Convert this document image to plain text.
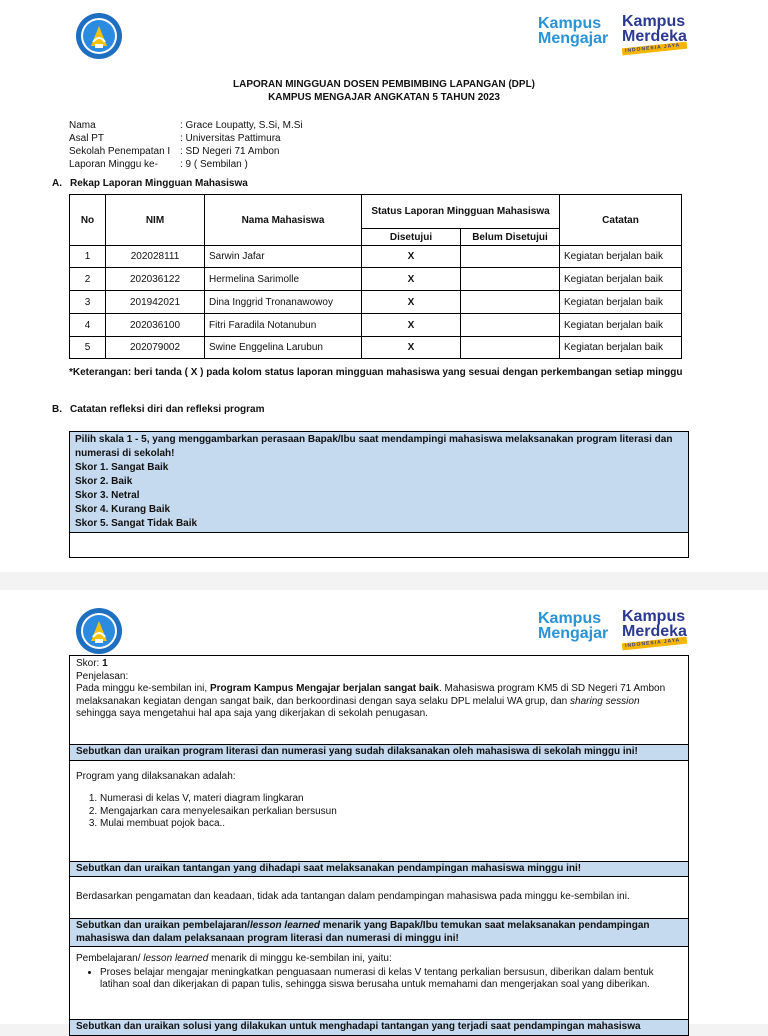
Kampus
Mengajar
Kampus
Merdeka
INDONESIA JAYA
LAPORAN MINGGUAN DOSEN PEMBIMBING LAPANGAN (DPL)
KAMPUS MENGAJAR ANGKATAN 5 TAHUN 2023
Nama	: Grace Loupatty, S.Si, M.Si
Asal PT	: Universitas Pattimura
Sekolah Penempatan I : SD Negeri 71 Ambon
Laporan Minggu ke-	: 9 ( Sembilan )
A. Rekap Laporan Mingguan Mahasiswa
No	NIM	Nama Mahasiswa	Status Laporan Mingguan Mahasiswa		Catatan
			Disetujui	Belum Disetujui	
1	202028111	Sarwin Jafar	X		Kegiatan berjalan baik
2	202036122	Hermelina Sarimolle	X		Kegiatan berjalan baik
3	201942021	Dina Inggrid Tronanawowoy	X		Kegiatan berjalan baik
4	202036100	Fitri Faradila Notanubun	X		Kegiatan berjalan baik
5	202079002	Swine Enggelina Larubun	X		Kegiatan berjalan baik
*Keterangan: beri tanda ( X ) pada kolom status laporan mingguan mahasiswa yang sesuai dengan perkembangan setiap minggu
B. Catatan refleksi diri dan refleksi program
Pilih skala 1 - 5, yang menggambarkan perasaan Bapak/Ibu saat mendampingi mahasiswa melaksanakan program literasi dan numerasi di sekolah!
Skor 1. Sangat Baik
Skor 2. Baik
Skor 3. Netral
Skor 4. Kurang Baik
Skor 5. Sangat Tidak Baik
Kampus
Mengajar
Kampus
Merdeka
INDONESIA JAYA
Skor: 1
Penjelasan:
Pada minggu ke-sembilan ini, Program Kampus Mengajar berjalan sangat baik. Mahasiswa program KM5 di SD Negeri 71 Ambon melaksanakan kegiatan dengan sangat baik, dan berkoordinasi dengan saya selaku DPL melalui WA grup, dan sharing session sehingga saya mengetahui hal apa saja yang dikerjakan di sekolah penugasan.
Sebutkan dan uraikan program literasi dan numerasi yang sudah dilaksanakan oleh mahasiswa di sekolah minggu ini!
Program yang dilaksanakan adalah:
1. Numerasi di kelas V, materi diagram lingkaran
2. Mengajarkan cara menyelesaikan perkalian bersusun
3. Mulai membuat pojok baca..
Sebutkan dan uraikan tantangan yang dihadapi saat melaksanakan pendampingan mahasiswa minggu ini!
Berdasarkan pengamatan dan keadaan, tidak ada tantangan dalam pendampingan mahasiswa pada minggu ke-sembilan ini.
Sebutkan dan uraikan pembelajaran/lesson learned menarik yang Bapak/Ibu temukan saat melaksanakan pendampingan mahasiswa dan dalam pelaksanaan program literasi dan numerasi di minggu ini!
Pembelajaran/ lesson learned menarik di minggu ke-sembilan ini, yaitu:
• Proses belajar mengajar meningkatkan penguasaan numerasi di kelas V tentang perkalian bersusun, diberikan dalam bentuk latihan soal dan dikerjakan di papan tulis, sehingga siswa berusaha untuk memahami dan mengerjakan soal yang diberikan.
Sebutkan dan uraikan solusi yang dilakukan untuk menghadapi tantangan yang terjadi saat pendampingan mahasiswa
